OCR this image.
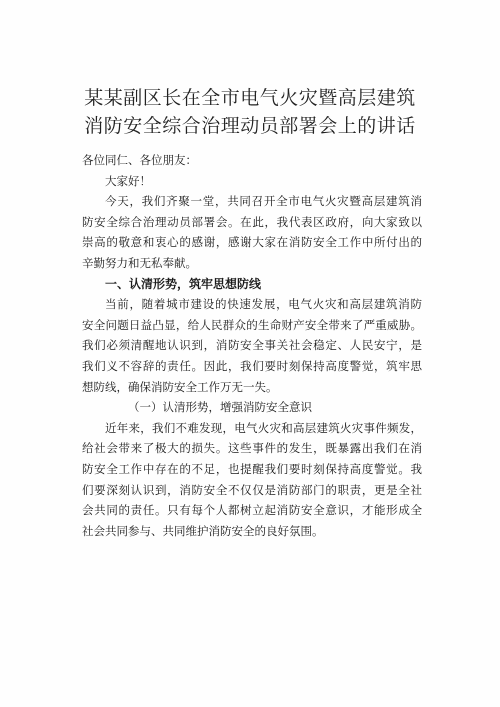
某某副区长在全市电气火灾暨高层建筑
消防安全综合治理动员部署会上的讲话
各位同仁、各位朋友：
大家好！
今天，我们齐聚一堂，共同召开全市电气火灾暨高层建筑消
防安全综合治理动员部署会。在此，我代表区政府，向大家致以
崇高的敬意和衷心的感谢，感谢大家在消防安全工作中所付出的
辛勤努力和无私奉献。
一、认清形势，筑牢思想防线
当前，随着城市建设的快速发展，电气火灾和高层建筑消防
安全问题日益凸显，给人民群众的生命财产安全带来了严重威胁。
我们必须清醒地认识到，消防安全事关社会稳定、人民安宁，是
我们义不容辞的责任。因此，我们要时刻保持高度警觉，筑牢思
想防线，确保消防安全工作万无一失。
（一）认清形势，增强消防安全意识
近年来，我们不难发现，电气火灾和高层建筑火灾事件频发，
给社会带来了极大的损失。这些事件的发生，既暴露出我们在消
防安全工作中存在的不足，也提醒我们要时刻保持高度警觉。我
们要深刻认识到，消防安全不仅仅是消防部门的职责，更是全社
会共同的责任。只有每个人都树立起消防安全意识，才能形成全
社会共同参与、共同维护消防安全的良好氛围。
